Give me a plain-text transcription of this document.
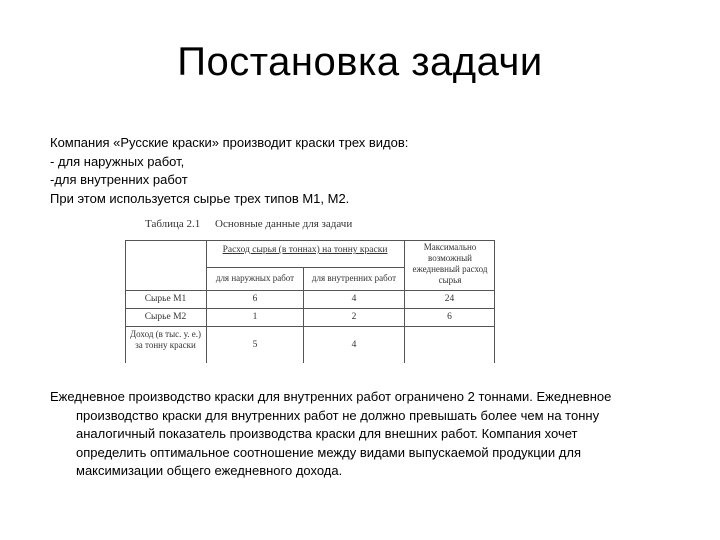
Постановка задачи
Компания «Русские краски» производит краски трех видов:
- для наружных работ,
-для внутренних работ
При этом используется сырье трех типов М1, М2.
Таблица 2.1 Основные данные для задачи
Расход сырья (в тоннах) на тонну краски
для наружных работ	для внутренних работ
Максимально возможный ежедневный расход сырья
Сырье М1	6	4	24
Сырье М2	1	2	6
Доход (в тыс. у. е.) за тонну краски	5	4
Ежедневное производство краски для внутренних работ ограничено 2 тоннами. Ежедневное
производство краски для внутренних работ не должно превышать более чем на тонну
аналогичный показатель производства краски для внешних работ. Компания хочет
определить оптимальное соотношение между видами выпускаемой продукции для
максимизации общего ежедневного дохода.
